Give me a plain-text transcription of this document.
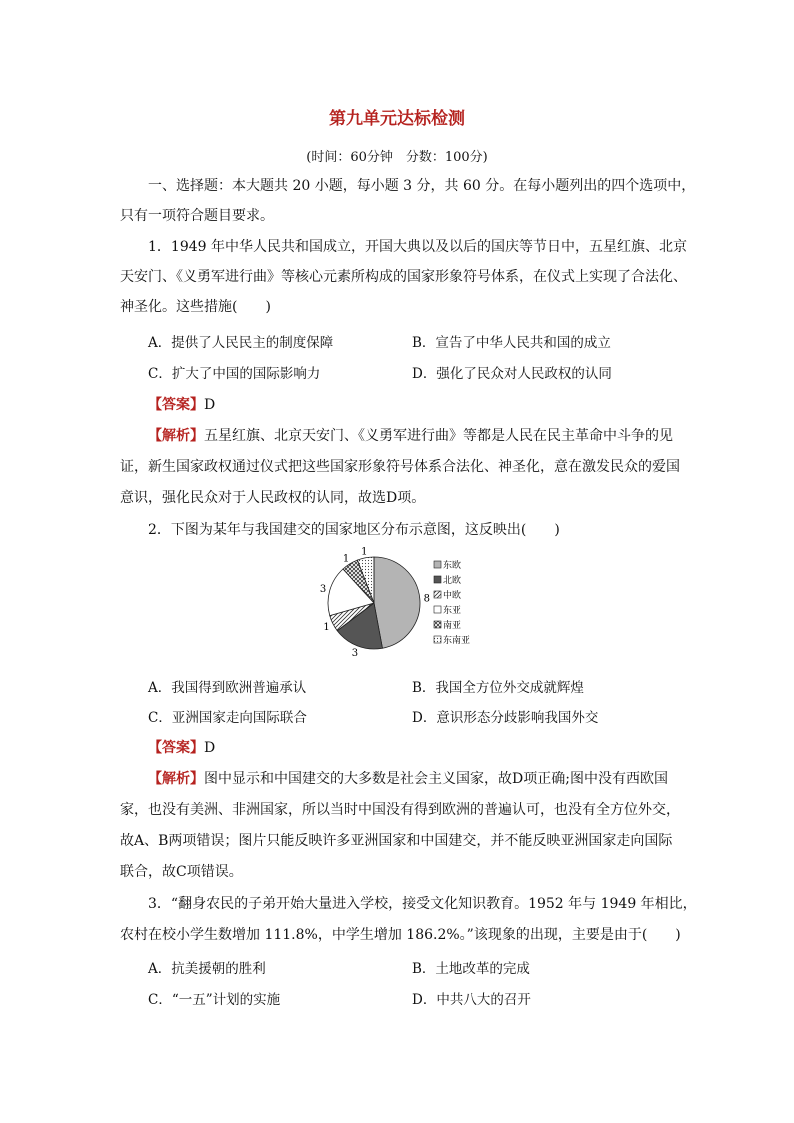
第九单元达标检测
(时间：60分钟　分数：100分)
一、选择题：本大题共 20 小题，每小题 3 分，共 60 分。在每小题列出的四个选项中，
只有一项符合题目要求。
1．1949 年中华人民共和国成立，开国大典以及以后的国庆等节日中，五星红旗、北京
天安门、《义勇军进行曲》等核心元素所构成的国家形象符号体系，在仪式上实现了合法化、
神圣化。这些措施(　　)
A．提供了人民民主的制度保障	B．宣告了中华人民共和国的成立
C．扩大了中国的国际影响力	D．强化了民众对人民政权的认同
【答案】D
【解析】五星红旗、北京天安门、《义勇军进行曲》等都是人民在民主革命中斗争的见
证，新生国家政权通过仪式把这些国家形象符号体系合法化、神圣化，意在激发民众的爱国
意识，强化民众对于人民政权的认同，故选D项。
2．下图为某年与我国建交的国家地区分布示意图，这反映出(　　)
8
3
1
3
1
1
东欧
北欧
中欧
东亚
南亚
东南亚
A．我国得到欧洲普遍承认	B．我国全方位外交成就辉煌
C．亚洲国家走向国际联合	D．意识形态分歧影响我国外交
【答案】D
【解析】图中显示和中国建交的大多数是社会主义国家，故D项正确;图中没有西欧国
家，也没有美洲、非洲国家，所以当时中国没有得到欧洲的普遍认可，也没有全方位外交，
故A、B两项错误；图片只能反映许多亚洲国家和中国建交，并不能反映亚洲国家走向国际
联合，故C项错误。
3．“翻身农民的子弟开始大量进入学校，接受文化知识教育。1952 年与 1949 年相比，
农村在校小学生数增加 111.8%，中学生增加 186.2%。”该现象的出现，主要是由于(　　)
A．抗美援朝的胜利	B．土地改革的完成
C．“一五”计划的实施	D．中共八大的召开
